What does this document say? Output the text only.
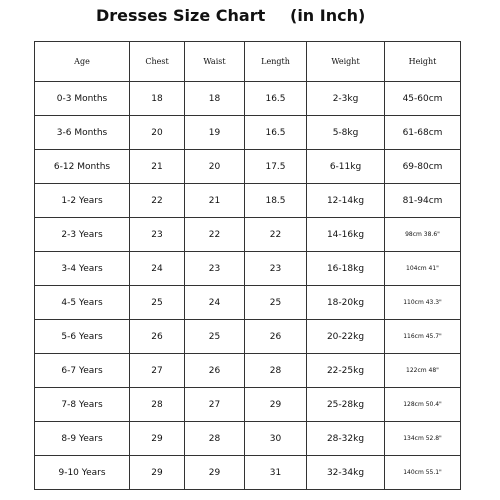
Dresses Size Chart (in Inch)
Age	Chest	Waist	Length	Weight	Height
0-3 Months	18	18	16.5	2-3kg	45-60cm
3-6 Months	20	19	16.5	5-8kg	61-68cm
6-12 Months	21	20	17.5	6-11kg	69-80cm
1-2 Years	22	21	18.5	12-14kg	81-94cm
2-3 Years	23	22	22	14-16kg	98cm 38.6"
3-4 Years	24	23	23	16-18kg	104cm 41"
4-5 Years	25	24	25	18-20kg	110cm 43.3"
5-6 Years	26	25	26	20-22kg	116cm 45.7"
6-7 Years	27	26	28	22-25kg	122cm 48"
7-8 Years	28	27	29	25-28kg	128cm 50.4"
8-9 Years	29	28	30	28-32kg	134cm 52.8"
9-10 Years	29	29	31	32-34kg	140cm 55.1"
